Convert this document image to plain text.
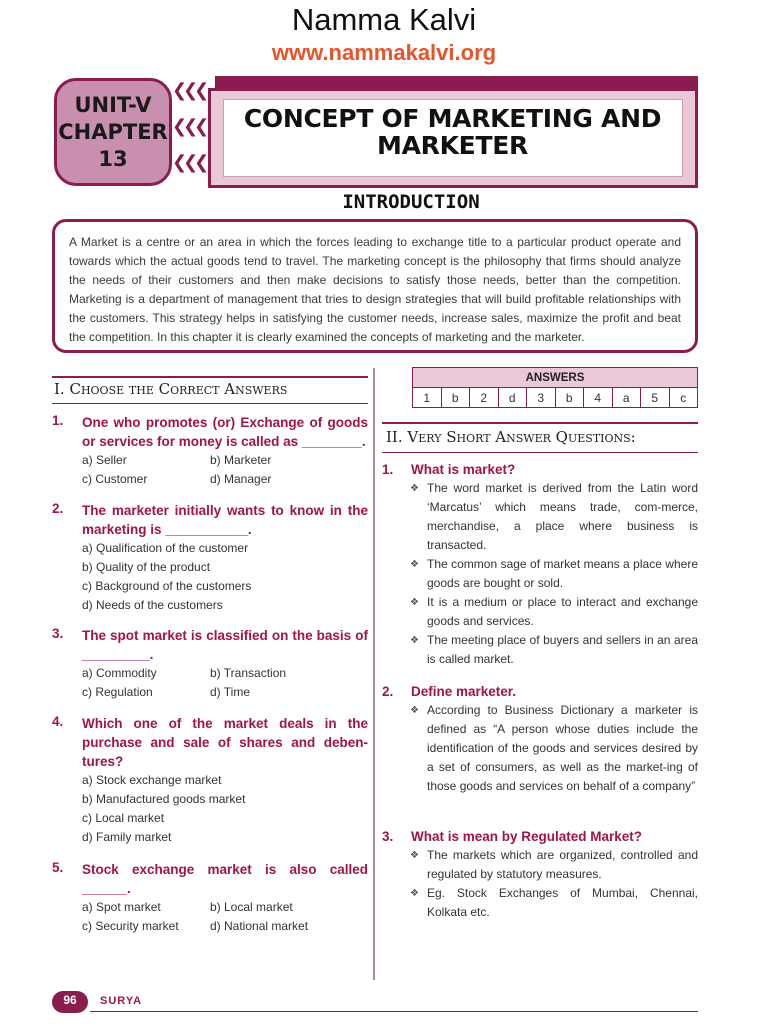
Namma Kalvi
www.nammakalvi.org
CONCEPT OF MARKETING AND
MARKETER
UNIT-V
CHAPTER
13
❮❮❮
❮❮❮
❮❮❮
INTRODUCTION

A Market is a centre or an area in which the forces leading to exchange title to a particular product operate and towards which the actual goods tend to travel. The marketing concept is the philosophy that firms should analyze the needs of their customers and then make decisions to satisfy those needs, better than the competition. Marketing is a department of management that tries to design strategies that will build profitable relationships with the customers. This strategy helps in satisfying the customer needs, increase sales, maximize the profit and beat the competition. In this chapter it is clearly examined the concepts of marketing and the marketer.

I. Choose the Correct Answers
1. One who promotes (or) Exchange of goods or services for money is called as ________.
a) Seller	b) Marketer
c) Customer	d) Manager
2. The marketer initially wants to know in the marketing is ___________.
a) Qualification of the customer
b) Quality of the product
c) Background of the customers
d) Needs of the customers
3. The spot market is classified on the basis of _________.
a) Commodity	b) Transaction
c) Regulation	d) Time
4. Which one of the market deals in the purchase and sale of shares and deben-tures?
a) Stock exchange market
b) Manufactured goods market
c) Local market
d) Family market
5. Stock exchange market is also called ______.
a) Spot market	b) Local market
c) Security market	d) National market
ANSWERS
1	b	2	d	3	b	4	a	5	c
II. Very Short Answer Questions:
1. What is market?
❖ The word market is derived from the Latin word ‘Marcatus’ which means trade, com-merce, merchandise, a place where business is transacted.
❖ The common sage of market means a place where goods are bought or sold.
❖ It is a medium or place to interact and exchange goods and services.
❖ The meeting place of buyers and sellers in an area is called market.
2. Define marketer.
❖ According to Business Dictionary a marketer is defined as “A person whose duties include the identification of the goods and services desired by a set of consumers, as well as the market-ing of those goods and services on behalf of a company”
3. What is mean by Regulated Market?
❖ The markets which are organized, controlled and regulated by statutory measures.
❖ Eg. Stock Exchanges of Mumbai, Chennai, Kolkata etc.
96	SURYA
